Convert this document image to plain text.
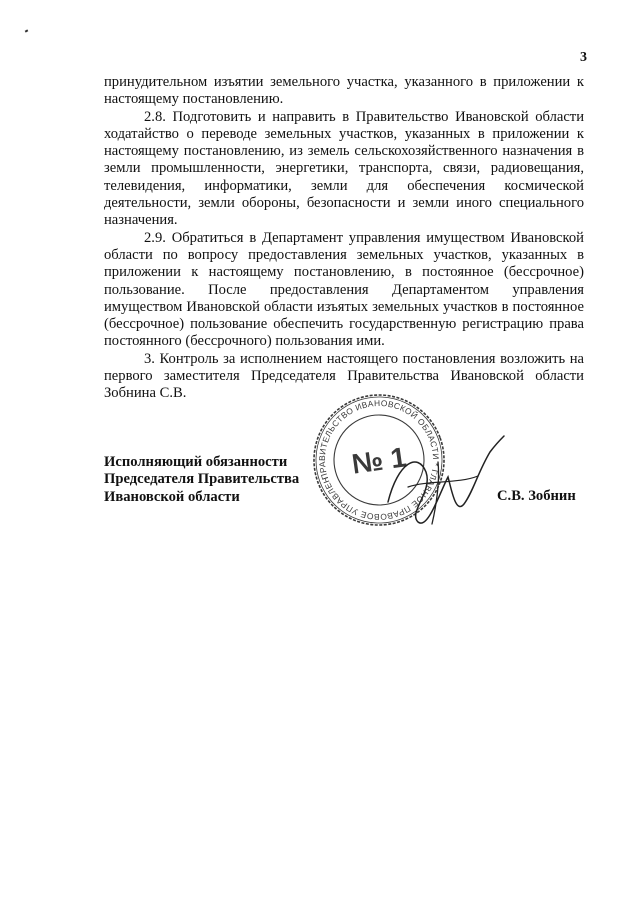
3

принудительном изъятии земельного участка, указанного в приложении к настоящему постановлению.

2.8. Подготовить и направить в Правительство Ивановской области ходатайство о переводе земельных участков, указанных в приложении к настоящему постановлению, из земель сельскохозяйственного назначения в земли промышленности, энергетики, транспорта, связи, радиовещания, телевидения, информатики, земли для обеспечения космической деятельности, земли обороны, безопасности и земли иного специального назначения.

2.9. Обратиться в Департамент управления имуществом Ивановской области по вопросу предоставления земельных участков, указанных в приложении к настоящему постановлению, в постоянное (бессрочное) пользование. После предоставления Департаментом управления имуществом Ивановской области изъятых земельных участков в постоянное (бессрочное) пользование обеспечить государственную регистрацию права постоянного (бессрочного) пользования ими.

3. Контроль за исполнением настоящего постановления возложить на первого заместителя Председателя Правительства Ивановской области Зобнина С.В.

Исполняющий обязанности
Председателя Правительства
Ивановской области
ПРАВИТЕЛЬСТВО ИВАНОВСКОЙ ОБЛАСТИ * ГЛАВНОЕ ПРАВОВОЕ УПРАВЛЕНИЕ
№ 1
С.В. Зобнин
